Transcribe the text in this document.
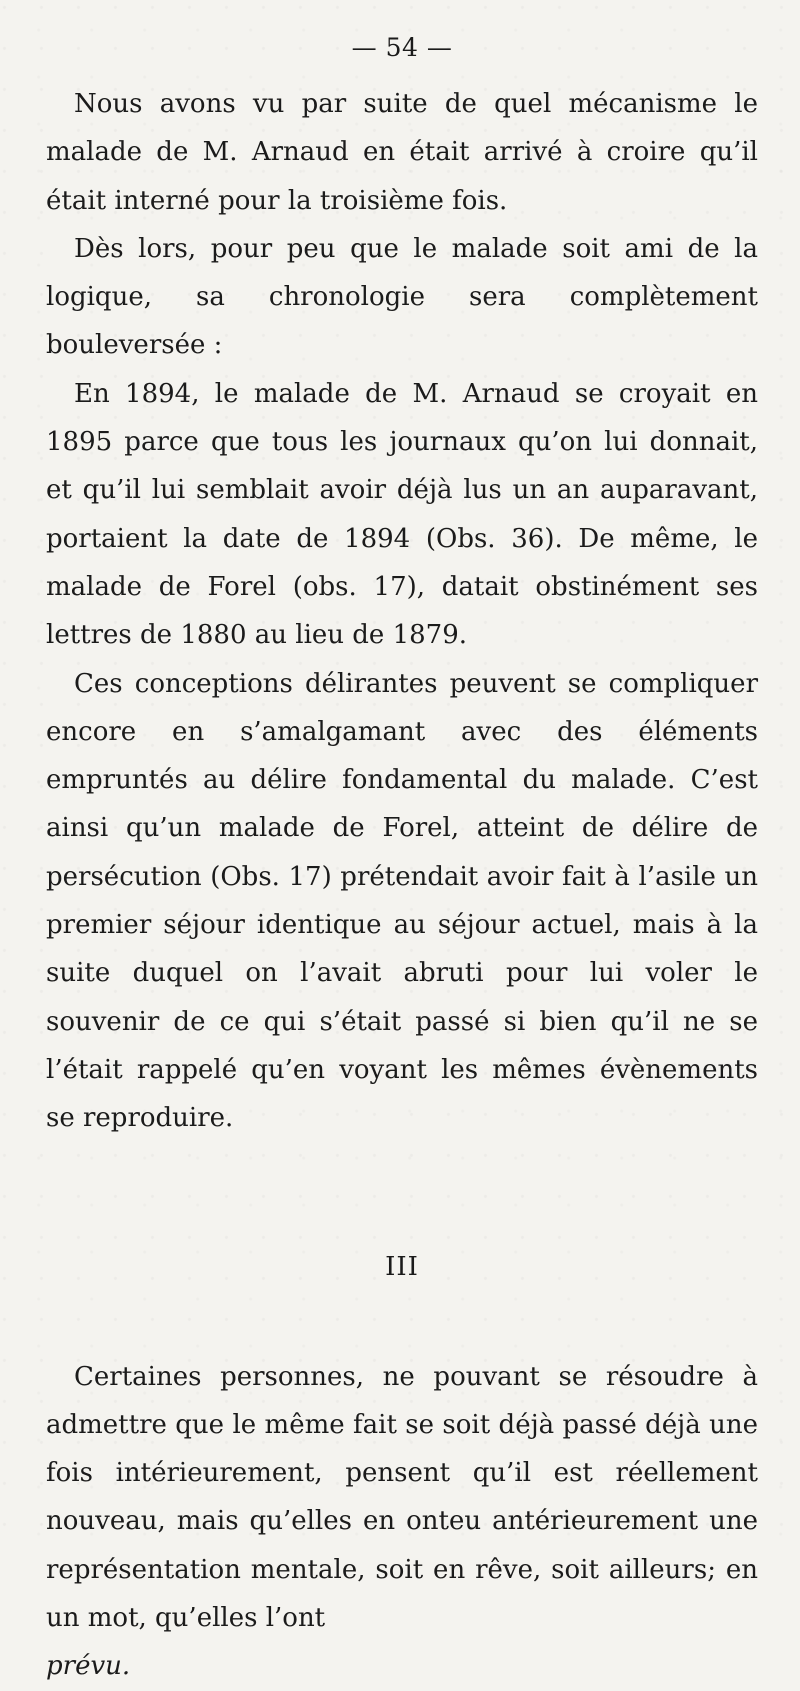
— 54 —

Nous avons vu par suite de quel mécanisme le malade de M. Arnaud en était arrivé à croire qu’il était interné pour la troisième fois.

Dès lors, pour peu que le malade soit ami de la logique, sa chronologie sera complètement bouleversée :

En 1894, le malade de M. Arnaud se croyait en 1895 parce que tous les journaux qu’on lui donnait, et qu’il lui semblait avoir déjà lus un an auparavant, portaient la date de 1894 (Obs. 36). De même, le malade de Forel (obs. 17), datait obstinément ses lettres de 1880 au lieu de 1879.

Ces conceptions délirantes peuvent se compliquer encore en s’amalgamant avec des éléments empruntés au délire fondamental du malade. C’est ainsi qu’un malade de Forel, atteint de délire de persécution (Obs. 17) prétendait avoir fait à l’asile un premier séjour identique au séjour actuel, mais à la suite duquel on l’avait abruti pour lui voler le souvenir de ce qui s’était passé si bien qu’il ne se l’était rappelé qu’en voyant les mêmes évènements se reproduire.

III

Certaines personnes, ne pouvant se résoudre à admettre que le même fait se soit déjà passé déjà une fois intérieurement, pensent qu’il est réellement nouveau, mais qu’elles en onteu antérieurement une représentation mentale, soit en rêve, soit ailleurs; en un mot, qu’elles l’ont
prévu.
